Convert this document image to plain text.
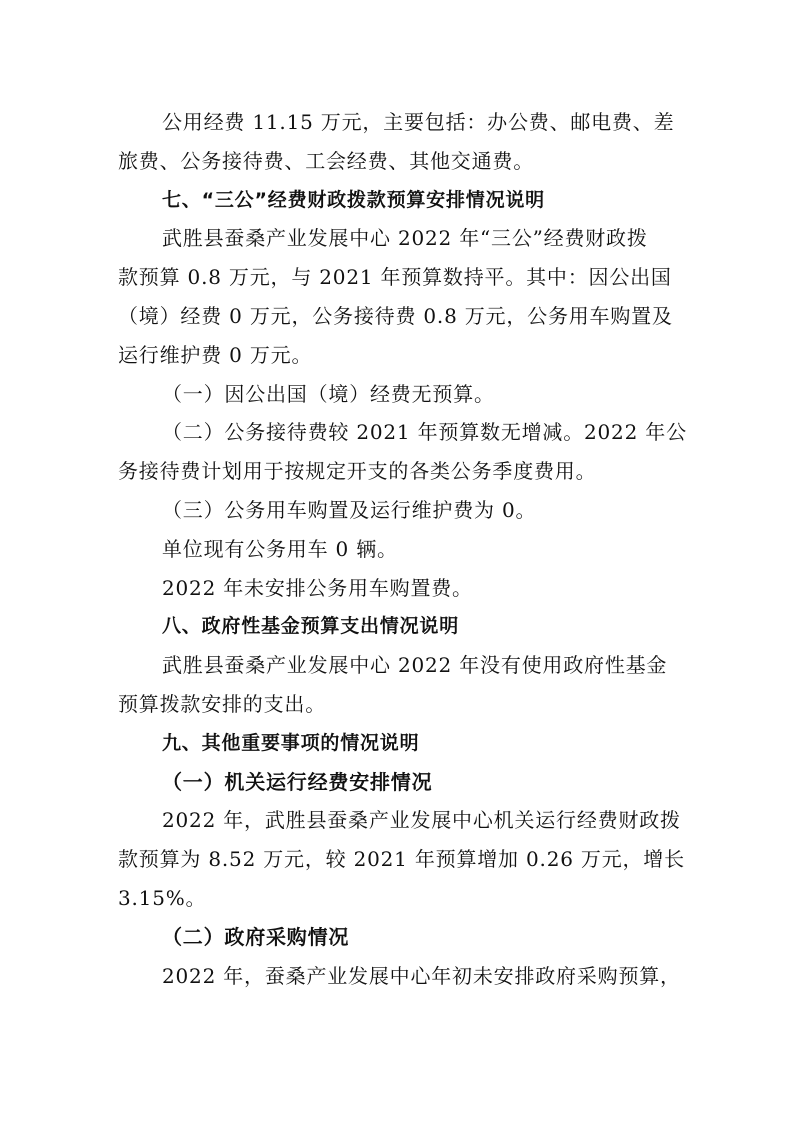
公用经费 11.15 万元，主要包括：办公费、邮电费、差
旅费、公务接待费、工会经费、其他交通费。
七、“三公”经费财政拨款预算安排情况说明
武胜县蚕桑产业发展中心 2022 年“三公”经费财政拨
款预算 0.8 万元，与 2021 年预算数持平。其中：因公出国
（境）经费 0 万元，公务接待费 0.8 万元，公务用车购置及
运行维护费 0 万元。
（一）因公出国（境）经费无预算。
（二）公务接待费较 2021 年预算数无增减。2022 年公
务接待费计划用于按规定开支的各类公务季度费用。
（三）公务用车购置及运行维护费为 0。
单位现有公务用车 0 辆。
2022 年未安排公务用车购置费。
八、政府性基金预算支出情况说明
武胜县蚕桑产业发展中心 2022 年没有使用政府性基金
预算拨款安排的支出。
九、其他重要事项的情况说明
（一）机关运行经费安排情况
2022 年，武胜县蚕桑产业发展中心机关运行经费财政拨
款预算为 8.52 万元，较 2021 年预算增加 0.26 万元，增长
3.15%。
（二）政府采购情况
2022 年，蚕桑产业发展中心年初未安排政府采购预算，
